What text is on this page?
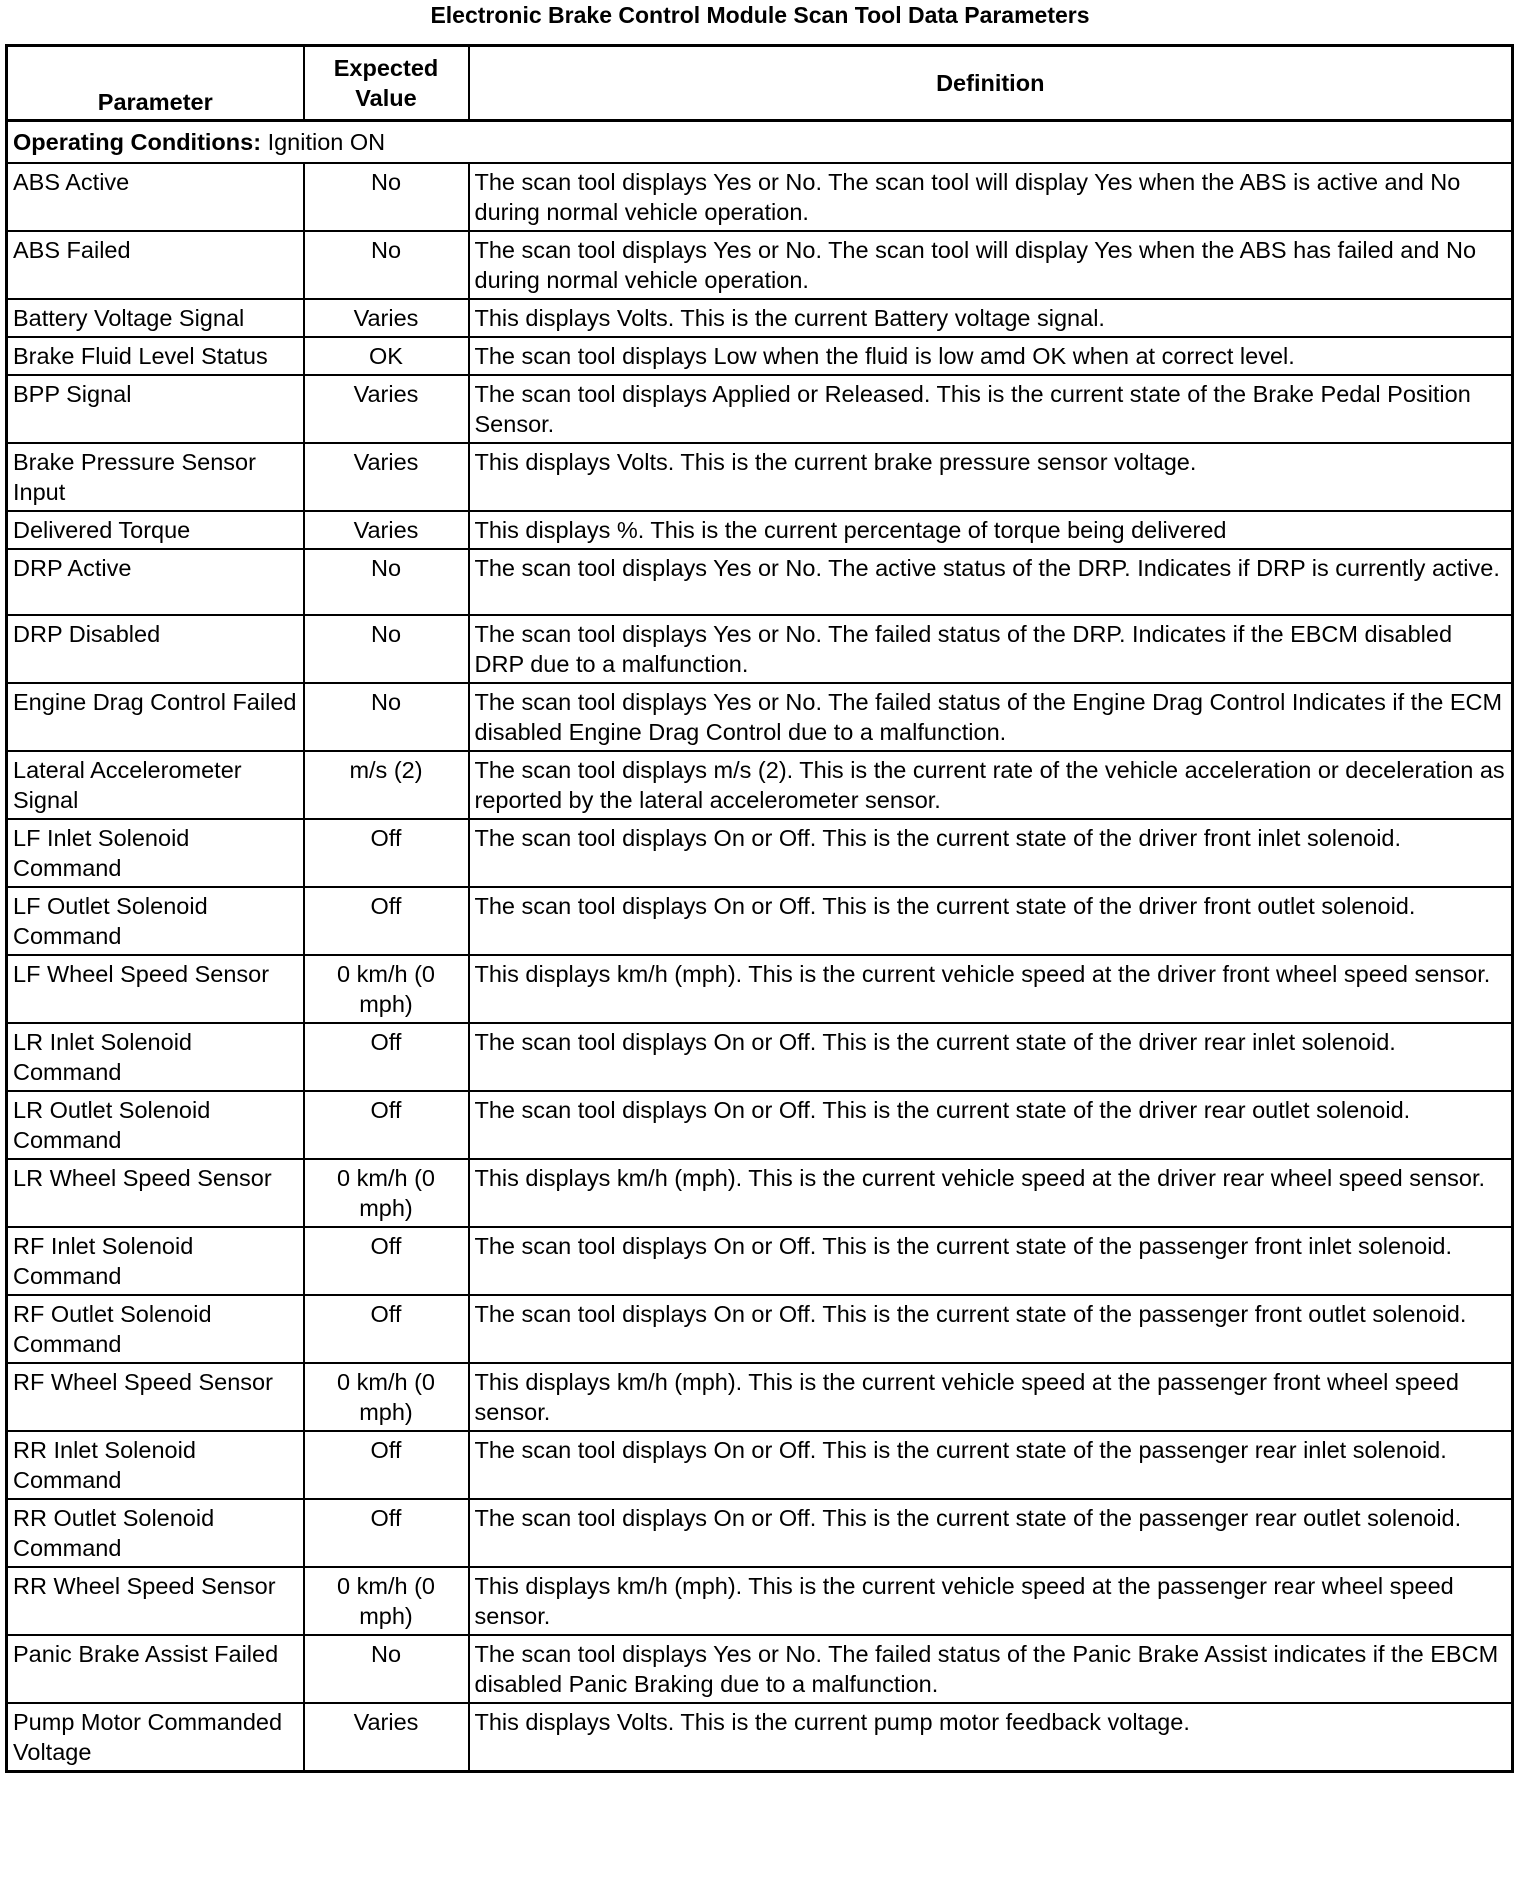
Electronic Brake Control Module Scan Tool Data Parameters
Parameter	Expected Value	Definition
Operating Conditions: Ignition ON		
ABS Active	No	The scan tool displays Yes or No. The scan tool will display Yes when the ABS is active and No during normal vehicle operation.
ABS Failed	No	The scan tool displays Yes or No. The scan tool will display Yes when the ABS has failed and No during normal vehicle operation.
Battery Voltage Signal	Varies	This displays Volts. This is the current Battery voltage signal.
Brake Fluid Level Status	OK	The scan tool displays Low when the fluid is low amd OK when at correct level.
BPP Signal	Varies	The scan tool displays Applied or Released. This is the current state of the Brake Pedal Position Sensor.
Brake Pressure Sensor Input	Varies	This displays Volts. This is the current brake pressure sensor voltage.
Delivered Torque	Varies	This displays %. This is the current percentage of torque being delivered
DRP Active	No	The scan tool displays Yes or No. The active status of the DRP. Indicates if DRP is currently active.
DRP Disabled	No	The scan tool displays Yes or No. The failed status of the DRP. Indicates if the EBCM disabled DRP due to a malfunction.
Engine Drag Control Failed	No	The scan tool displays Yes or No. The failed status of the Engine Drag Control Indicates if the ECM disabled Engine Drag Control due to a malfunction.
Lateral Accelerometer Signal	m/s (2)	The scan tool displays m/s (2). This is the current rate of the vehicle acceleration or deceleration as reported by the lateral accelerometer sensor.
LF Inlet Solenoid Command	Off	The scan tool displays On or Off. This is the current state of the driver front inlet solenoid.
LF Outlet Solenoid Command	Off	The scan tool displays On or Off. This is the current state of the driver front outlet solenoid.
LF Wheel Speed Sensor	0 km/h (0 mph)	This displays km/h (mph). This is the current vehicle speed at the driver front wheel speed sensor.
LR Inlet Solenoid Command	Off	The scan tool displays On or Off. This is the current state of the driver rear inlet solenoid.
LR Outlet Solenoid Command	Off	The scan tool displays On or Off. This is the current state of the driver rear outlet solenoid.
LR Wheel Speed Sensor	0 km/h (0 mph)	This displays km/h (mph). This is the current vehicle speed at the driver rear wheel speed sensor.
RF Inlet Solenoid Command	Off	The scan tool displays On or Off. This is the current state of the passenger front inlet solenoid.
RF Outlet Solenoid Command	Off	The scan tool displays On or Off. This is the current state of the passenger front outlet solenoid.
RF Wheel Speed Sensor	0 km/h (0 mph)	This displays km/h (mph). This is the current vehicle speed at the passenger front wheel speed sensor.
RR Inlet Solenoid Command	Off	The scan tool displays On or Off. This is the current state of the passenger rear inlet solenoid.
RR Outlet Solenoid Command	Off	The scan tool displays On or Off. This is the current state of the passenger rear outlet solenoid.
RR Wheel Speed Sensor	0 km/h (0 mph)	This displays km/h (mph). This is the current vehicle speed at the passenger rear wheel speed sensor.
Panic Brake Assist Failed	No	The scan tool displays Yes or No. The failed status of the Panic Brake Assist indicates if the EBCM disabled Panic Braking due to a malfunction.
Pump Motor Commanded Voltage	Varies	This displays Volts. This is the current pump motor feedback voltage.
